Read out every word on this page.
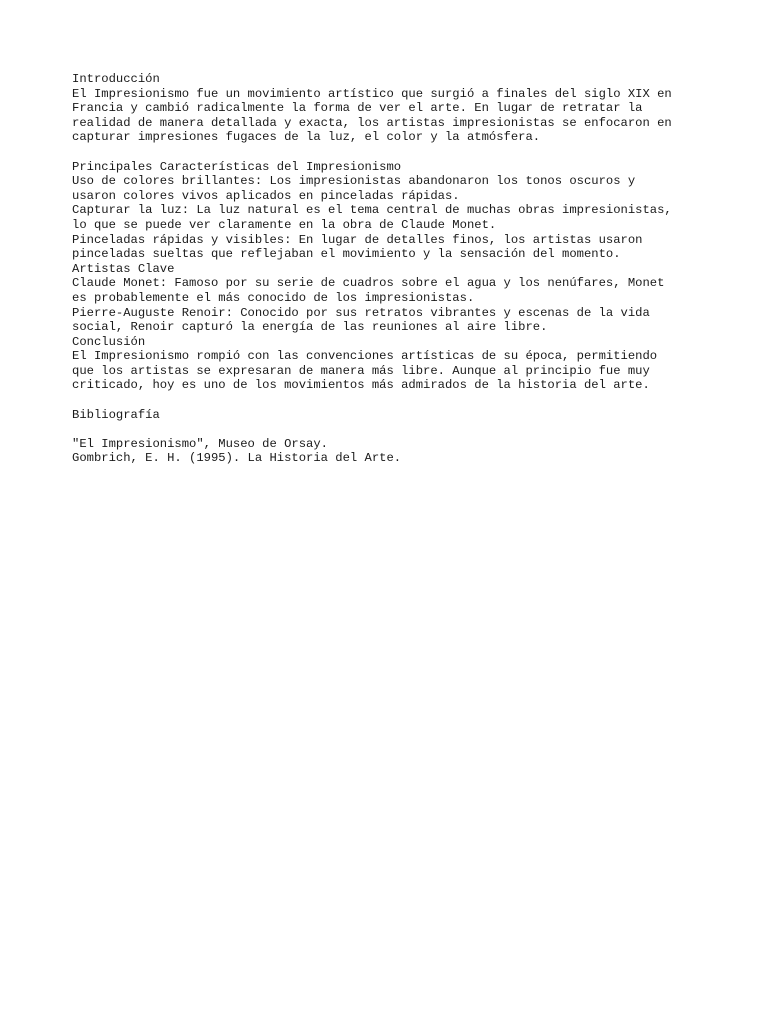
Introducción
El Impresionismo fue un movimiento artístico que surgió a finales del siglo XIX en
Francia y cambió radicalmente la forma de ver el arte. En lugar de retratar la
realidad de manera detallada y exacta, los artistas impresionistas se enfocaron en
capturar impresiones fugaces de la luz, el color y la atmósfera.
Principales Características del Impresionismo
Uso de colores brillantes: Los impresionistas abandonaron los tonos oscuros y
usaron colores vivos aplicados en pinceladas rápidas.
Capturar la luz: La luz natural es el tema central de muchas obras impresionistas,
lo que se puede ver claramente en la obra de Claude Monet.
Pinceladas rápidas y visibles: En lugar de detalles finos, los artistas usaron
pinceladas sueltas que reflejaban el movimiento y la sensación del momento.
Artistas Clave
Claude Monet: Famoso por su serie de cuadros sobre el agua y los nenúfares, Monet
es probablemente el más conocido de los impresionistas.
Pierre-Auguste Renoir: Conocido por sus retratos vibrantes y escenas de la vida
social, Renoir capturó la energía de las reuniones al aire libre.
Conclusión
El Impresionismo rompió con las convenciones artísticas de su época, permitiendo
que los artistas se expresaran de manera más libre. Aunque al principio fue muy
criticado, hoy es uno de los movimientos más admirados de la historia del arte.
Bibliografía
"El Impresionismo", Museo de Orsay.
Gombrich, E. H. (1995). La Historia del Arte.
